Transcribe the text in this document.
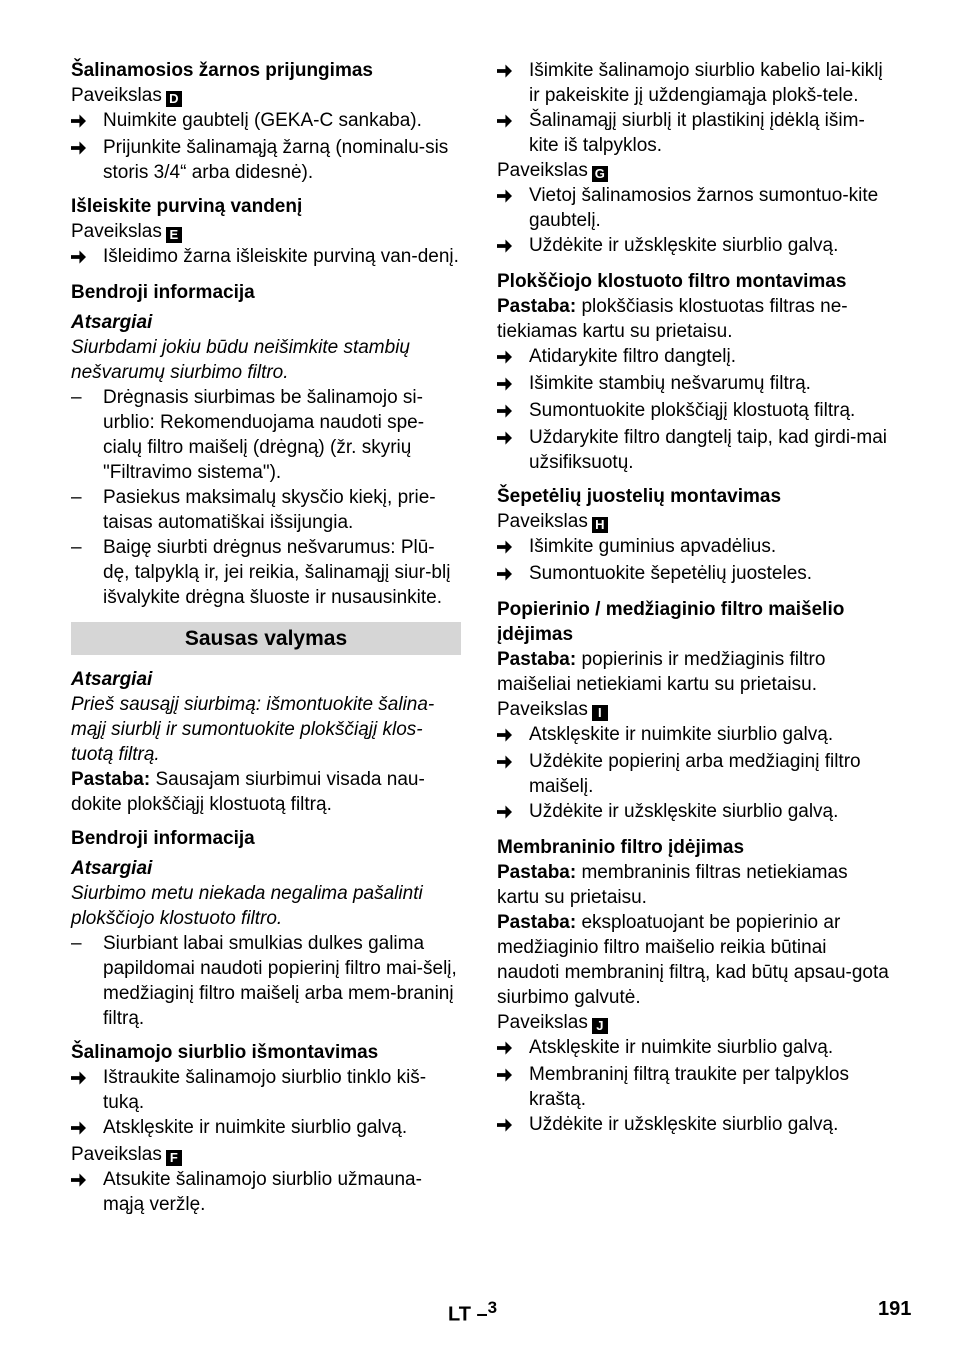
Šalinamosios žarnos prijungimas

Paveikslas D

Nuimkite gaubtelį (GEKA-C sankaba).
Prijunkite šalinamąją žarną (nominalu-sis storis 3/4“ arba didesnė).

Išleiskite purviną vandenį

Paveikslas E

Išleidimo žarna išleiskite purviną van-denį.

Bendroji informacija

Atsargiai

Siurbdami jokiu būdu neišimkite stambių nešvarumų siurbimo filtro.

–	Drėgnasis siurbimas be šalinamojo si-urblio: Rekomenduojama naudoti spe-cialų filtro maišelį (drėgną) (žr. skyrių "Filtravimo sistema").
–	Pasiekus maksimalų skysčio kiekį, prie-taisas automatiškai išsijungia.
–	Baigę siurbti drėgnus nešvarumus: Plū-dę, talpyklą ir, jei reikia, šalinamąjį siur-blį išvalykite drėgna šluoste ir nusausinkite.
Sausas valymas

Atsargiai

Prieš sausąjį siurbimą: išmontuokite šalina-mąjį siurblį ir sumontuokite plokščiąjį klos-tuotą filtrą.

Pastaba: Sausajam siurbimui visada nau-dokite plokščiąjį klostuotą filtrą.

Bendroji informacija

Atsargiai

Siurbimo metu niekada negalima pašalinti plokščiojo klostuoto filtro.

–	Siurbiant labai smulkias dulkes galima papildomai naudoti popierinį filtro mai-šelį, medžiaginį filtro maišelį arba mem-braninį filtrą.

Šalinamojo siurblio išmontavimas

Ištraukite šalinamojo siurblio tinklo kiš-tuką.
Atsklęskite ir nuimkite siurblio galvą.

Paveikslas F

Atsukite šalinamojo siurblio užmauna-mąją veržlę.
Išimkite šalinamojo siurblio kabelio lai-kiklį ir pakeiskite jį uždengiamąja plokš-tele.
Šalinamąjį siurblį it plastikinį įdėklą išim-kite iš talpyklos.

Paveikslas G

Vietoj šalinamosios žarnos sumontuo-kite gaubtelį.
Uždėkite ir užsklęskite siurblio galvą.

Plokščiojo klostuoto filtro montavimas

Pastaba: plokščiasis klostuotas filtras ne-tiekiamas kartu su prietaisu.

Atidarykite filtro dangtelį.
Išimkite stambių nešvarumų filtrą.
Sumontuokite plokščiąjį klostuotą filtrą.
Uždarykite filtro dangtelį taip, kad girdi-mai užsifiksuotų.

Šepetėlių juostelių montavimas

Paveikslas H

Išimkite guminius apvadėlius.
Sumontuokite šepetėlių juosteles.

Popierinio / medžiaginio filtro maišelio įdėjimas

Pastaba: popierinis ir medžiaginis filtro maišeliai netiekiami kartu su prietaisu.

Paveikslas I

Atsklęskite ir nuimkite siurblio galvą.
Uždėkite popierinį arba medžiaginį filtro maišelį.
Uždėkite ir užsklęskite siurblio galvą.

Membraninio filtro įdėjimas

Pastaba: membraninis filtras netiekiamas kartu su prietaisu.

Pastaba: eksploatuojant be popierinio ar medžiaginio filtro maišelio reikia būtinai naudoti membraninį filtrą, kad būtų apsau-gota siurbimo galvutė.

Paveikslas J

Atsklęskite ir nuimkite siurblio galvą.
Membraninį filtrą traukite per talpyklos kraštą.
Uždėkite ir užsklęskite siurblio galvą.
LT –$^3$	191
